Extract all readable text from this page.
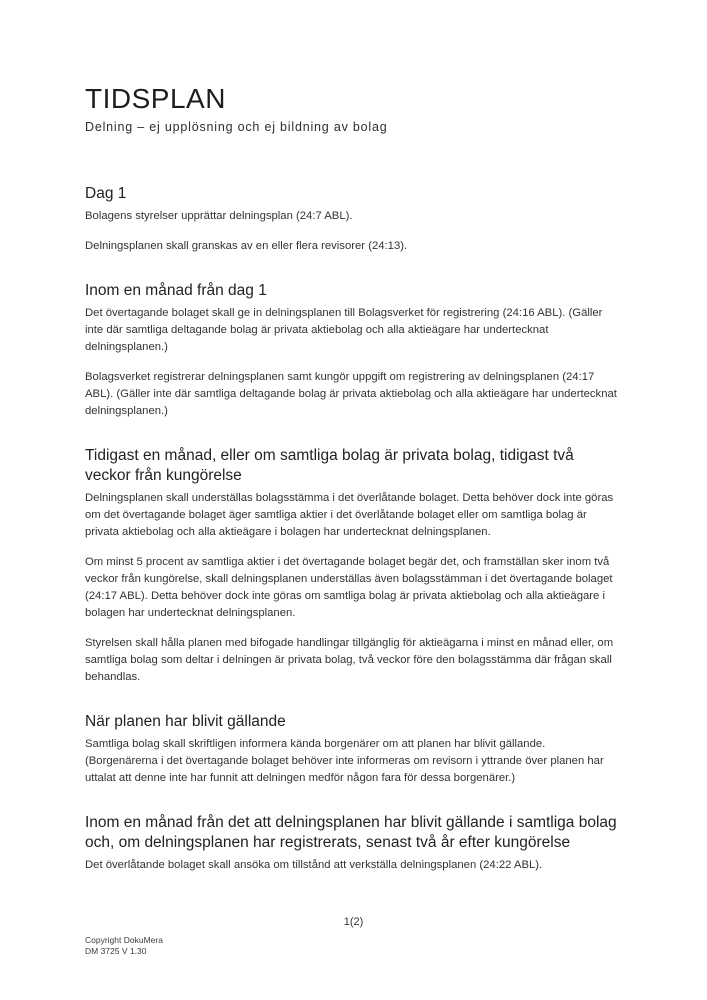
TIDSPLAN

Delning – ej upplösning och ej bildning av bolag

Dag 1

Bolagens styrelser upprättar delningsplan (24:7 ABL).

Delningsplanen skall granskas av en eller flera revisorer (24:13).

Inom en månad från dag 1

Det övertagande bolaget skall ge in delningsplanen till Bolagsverket för registrering (24:16 ABL). (Gäller inte där samtliga deltagande bolag är privata aktiebolag och alla aktieägare har undertecknat delningsplanen.)

Bolagsverket registrerar delningsplanen samt kungör uppgift om registrering av delningsplanen (24:17 ABL). (Gäller inte där samtliga deltagande bolag är privata aktiebolag och alla aktieägare har undertecknat delningsplanen.)

Tidigast en månad, eller om samtliga bolag är privata bolag, tidigast två veckor från kungörelse

Delningsplanen skall underställas bolagsstämma i det överlåtande bolaget. Detta behöver dock inte göras om det övertagande bolaget äger samtliga aktier i det överlåtande bolaget eller om samtliga bolag är privata aktiebolag och alla aktieägare i bolagen har undertecknat delningsplanen.

Om minst 5 procent av samtliga aktier i det övertagande bolaget begär det, och framställan sker inom två veckor från kungörelse, skall delningsplanen underställas även bolagsstämman i det övertagande bolaget (24:17 ABL). Detta behöver dock inte göras om samtliga bolag är privata aktiebolag och alla aktieägare i bolagen har undertecknat delningsplanen.

Styrelsen skall hålla planen med bifogade handlingar tillgänglig för aktieägarna i minst en månad eller, om samtliga bolag som deltar i delningen är privata bolag, två veckor före den bolagsstämma där frågan skall behandlas.

När planen har blivit gällande

Samtliga bolag skall skriftligen informera kända borgenärer om att planen har blivit gällande. (Borgenärerna i det övertagande bolaget behöver inte informeras om revisorn i yttrande över planen har uttalat att denne inte har funnit att delningen medför någon fara för dessa borgenärer.)

Inom en månad från det att delningsplanen har blivit gällande i samtliga bolag och, om delningsplanen har registrerats, senast två år efter kungörelse

Det överlåtande bolaget skall ansöka om tillstånd att verkställa delningsplanen (24:22 ABL).

1(2)
Copyright DokuMera
DM 3725 V 1.30
